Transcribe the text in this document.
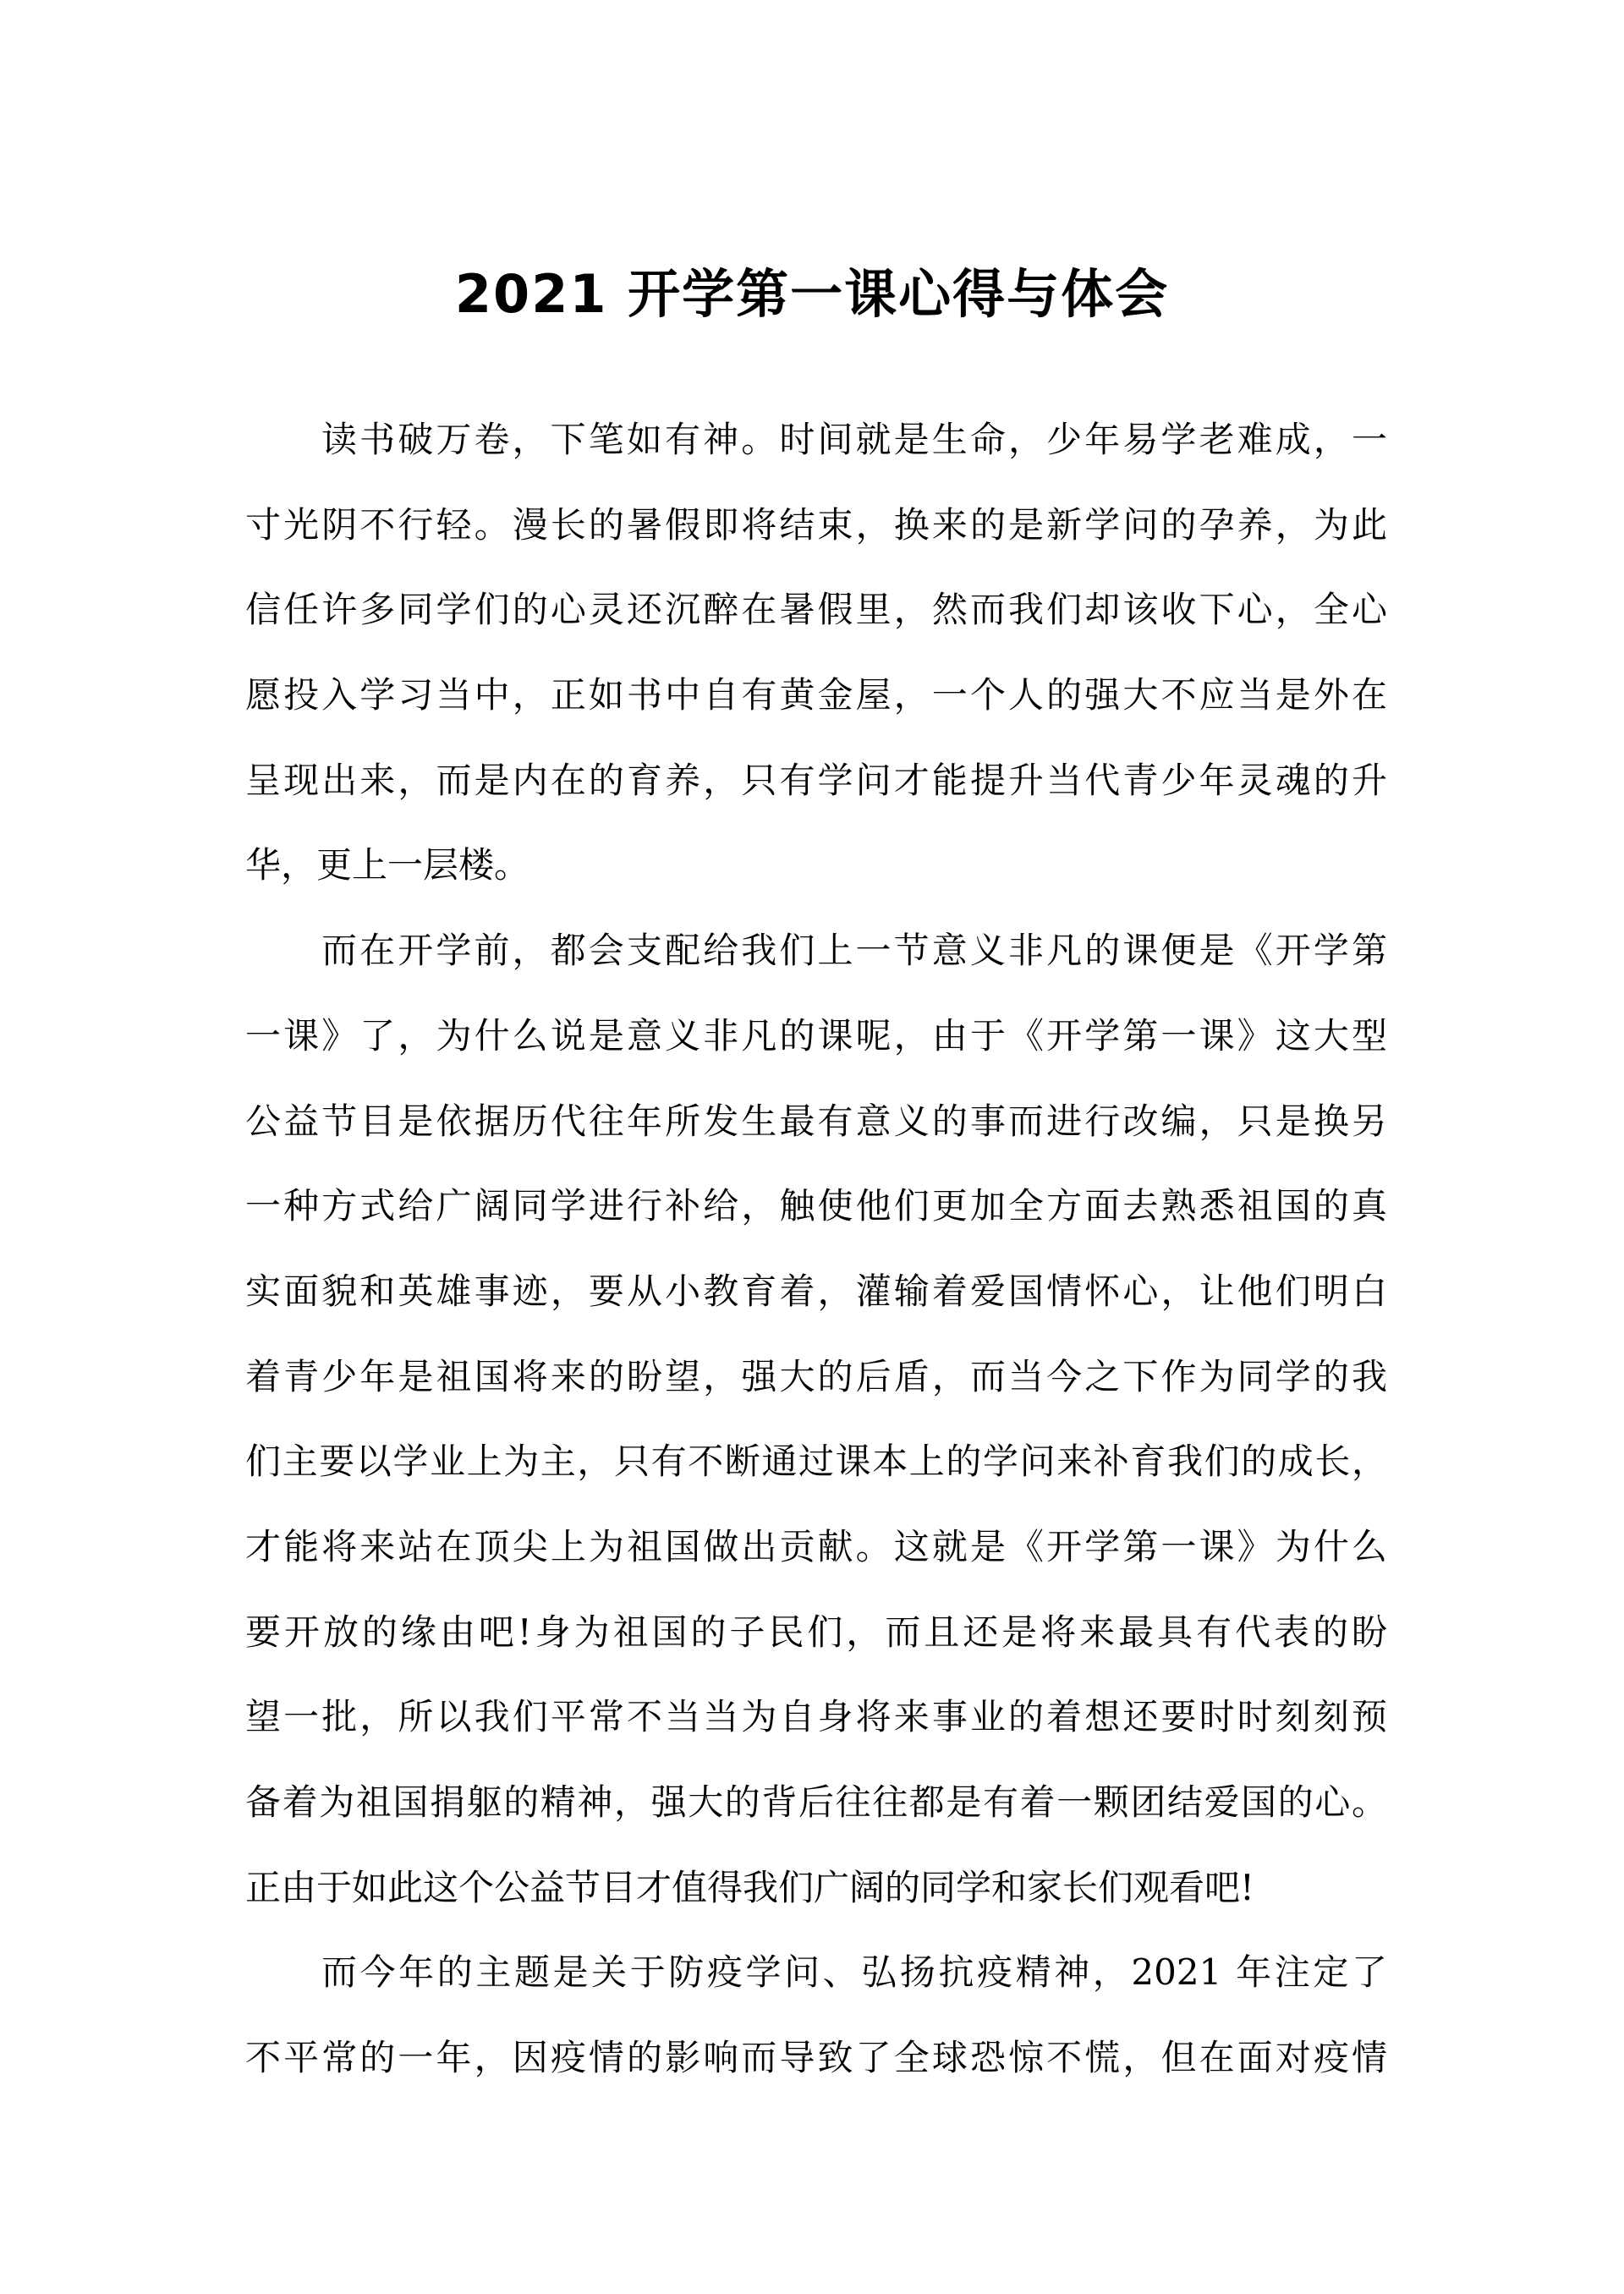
2021 开学第一课心得与体会
读书破万卷，下笔如有神。时间就是生命，少年易学老难成，一
寸光阴不行轻。漫长的暑假即将结束，换来的是新学问的孕养，为此
信任许多同学们的心灵还沉醉在暑假里，然而我们却该收下心，全心
愿投入学习当中，正如书中自有黄金屋，一个人的强大不应当是外在
呈现出来，而是内在的育养，只有学问才能提升当代青少年灵魂的升
华，更上一层楼。
而在开学前，都会支配给我们上一节意义非凡的课便是《开学第
一课》了，为什么说是意义非凡的课呢，由于《开学第一课》这大型
公益节目是依据历代往年所发生最有意义的事而进行改编，只是换另
一种方式给广阔同学进行补给，触使他们更加全方面去熟悉祖国的真
实面貌和英雄事迹，要从小教育着，灌输着爱国情怀心，让他们明白
着青少年是祖国将来的盼望，强大的后盾，而当今之下作为同学的我
们主要以学业上为主，只有不断通过课本上的学问来补育我们的成长，
才能将来站在顶尖上为祖国做出贡献。这就是《开学第一课》为什么
要开放的缘由吧!身为祖国的子民们，而且还是将来最具有代表的盼
望一批，所以我们平常不当当为自身将来事业的着想还要时时刻刻预
备着为祖国捐躯的精神，强大的背后往往都是有着一颗团结爱国的心。
正由于如此这个公益节目才值得我们广阔的同学和家长们观看吧!
而今年的主题是关于防疫学问、弘扬抗疫精神，2021 年注定了
不平常的一年，因疫情的影响而导致了全球恐惊不慌，但在面对疫情
